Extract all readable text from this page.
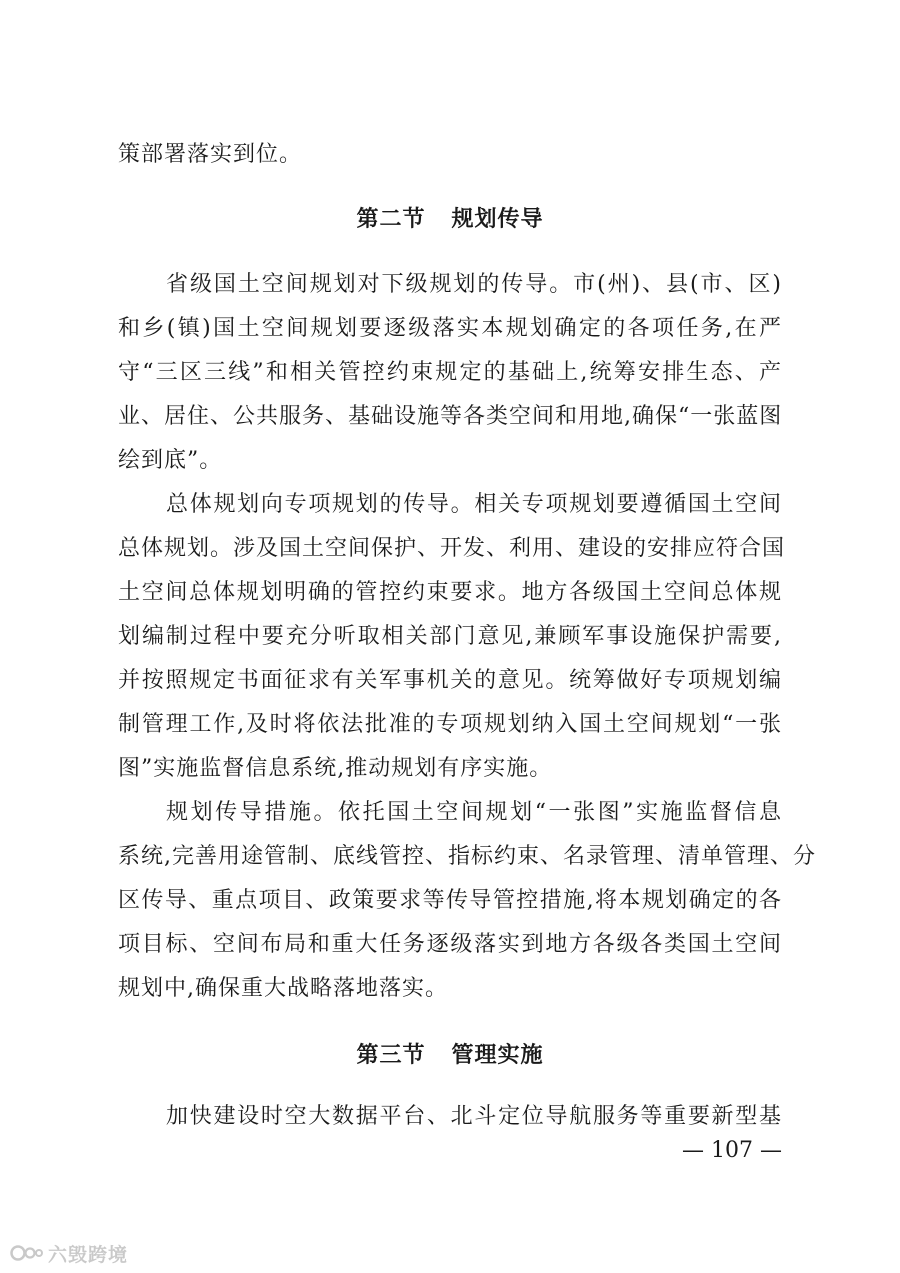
策部署落实到位。
第二节 规划传导
省级国土空间规划对下级规划的传导。市(州)、县(市、区)
和乡(镇)国土空间规划要逐级落实本规划确定的各项任务,在严
守“三区三线”和相关管控约束规定的基础上,统筹安排生态、产
业、居住、公共服务、基础设施等各类空间和用地,确保“一张蓝图
绘到底”。
总体规划向专项规划的传导。相关专项规划要遵循国土空间
总体规划。涉及国土空间保护、开发、利用、建设的安排应符合国
土空间总体规划明确的管控约束要求。地方各级国土空间总体规
划编制过程中要充分听取相关部门意见,兼顾军事设施保护需要,
并按照规定书面征求有关军事机关的意见。统筹做好专项规划编
制管理工作,及时将依法批准的专项规划纳入国土空间规划“一张
图”实施监督信息系统,推动规划有序实施。
规划传导措施。依托国土空间规划“一张图”实施监督信息
系统,完善用途管制、底线管控、指标约束、名录管理、清单管理、分
区传导、重点项目、政策要求等传导管控措施,将本规划确定的各
项目标、空间布局和重大任务逐级落实到地方各级各类国土空间
规划中,确保重大战略落地落实。
第三节 管理实施
加快建设时空大数据平台、北斗定位导航服务等重要新型基
— 107 —
六毁跨境
